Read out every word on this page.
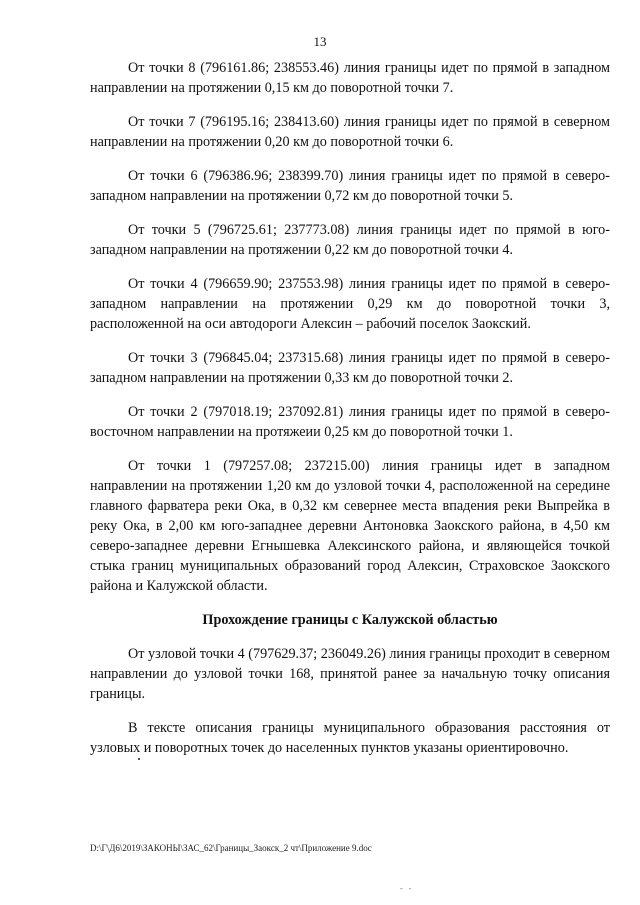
13

От точки 8 (796161.86; 238553.46) линия границы идет по прямой в западном направлении на протяжении 0,15 км до поворотной точки 7.

От точки 7 (796195.16; 238413.60) линия границы идет по прямой в северном направлении на протяжении 0,20 км до поворотной точки 6.

От точки 6 (796386.96; 238399.70) линия границы идет по прямой в северо-западном направлении на протяжении 0,72 км до поворотной точки 5.

От точки 5 (796725.61; 237773.08) линия границы идет по прямой в юго-западном направлении на протяжении 0,22 км до поворотной точки 4.

От точки 4 (796659.90; 237553.98) линия границы идет по прямой в северо-западном направлении на протяжении 0,29 км до поворотной точки 3, расположенной на оси автодороги Алексин – рабочий поселок Заокский.

От точки 3 (796845.04; 237315.68) линия границы идет по прямой в северо-западном направлении на протяжении 0,33 км до поворотной точки 2.

От точки 2 (797018.19; 237092.81) линия границы идет по прямой в северо-восточном направлении на протяжеии 0,25 км до поворотной точки 1.

От точки 1 (797257.08; 237215.00) линия границы идет в западном направлении на протяжении 1,20 км до узловой точки 4, расположенной на середине главного фарватера реки Ока, в 0,32 км севернее места впадения реки Выпрейка в реку Ока, в 2,00 км юго-западнее деревни Антоновка Заокского района, в 4,50 км северо-западнее деревни Егнышевка Алексинского района, и являющейся точкой стыка границ муниципальных образований город Алексин, Страховское Заокского района и Калужской области.

Прохождение границы с Калужской областью

От узловой точки 4 (797629.37; 236049.26) линия границы проходит в северном направлении до узловой точки 168, принятой ранее за начальную точку описания границы.

В тексте описания границы муниципального образования расстояния от узловых и поворотных точек до населенных пунктов указаны ориентировочно.

D:\Г\Д6\2019\ЗАКОНЫ\ЗАС_62\Границы_Заокск_2 чт\Приложение 9.doc
- -
